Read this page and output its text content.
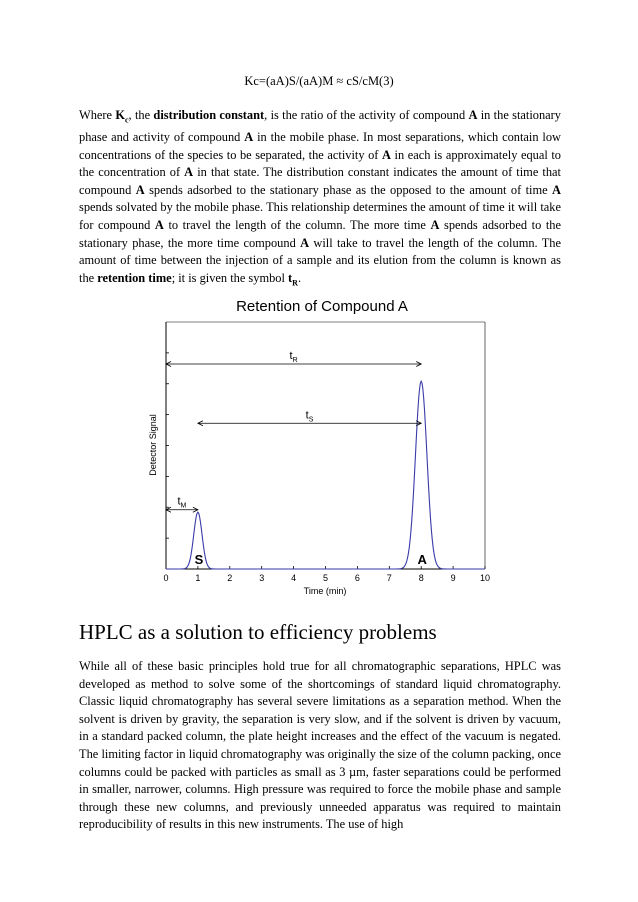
Kc=(aA)S/(aA)M ≈ cS/cM(3)

Where $K_c$, the distribution constant, is the ratio of the activity of compound A in the stationary phase and activity of compound A in the mobile phase. In most separations, which contain low concentrations of the species to be separated, the activity of A in each is approximately equal to the concentration of A in that state. The distribution constant indicates the amount of time that compound A spends adsorbed to the stationary phase as the opposed to the amount of time A spends solvated by the mobile phase. This relationship determines the amount of time it will take for compound A to travel the length of the column. The more time A spends adsorbed to the stationary phase, the more time compound A will take to travel the length of the column. The amount of time between the injection of a sample and its elution from the column is known as the retention time; it is given the symbol $t_R$.

Retention of Compound A
0	1	2	3	4	5	6	7	8	9	10
$t_R$
$t_S$
$t_M$
S	A
Time (min)
Detector Signal
HPLC as a solution to efficiency problems

While all of these basic principles hold true for all chromatographic separations, HPLC was developed as method to solve some of the shortcomings of standard liquid chromatography. Classic liquid chromatography has several severe limitations as a separation method. When the solvent is driven by gravity, the separation is very slow, and if the solvent is driven by vacuum, in a standard packed column, the plate height increases and the effect of the vacuum is negated. The limiting factor in liquid chromatography was originally the size of the column packing, once columns could be packed with particles as small as 3 µm, faster separations could be performed in smaller, narrower, columns. High pressure was required to force the mobile phase and sample through these new columns, and previously unneeded apparatus was required to maintain reproducibility of results in this new instruments. The use of high
